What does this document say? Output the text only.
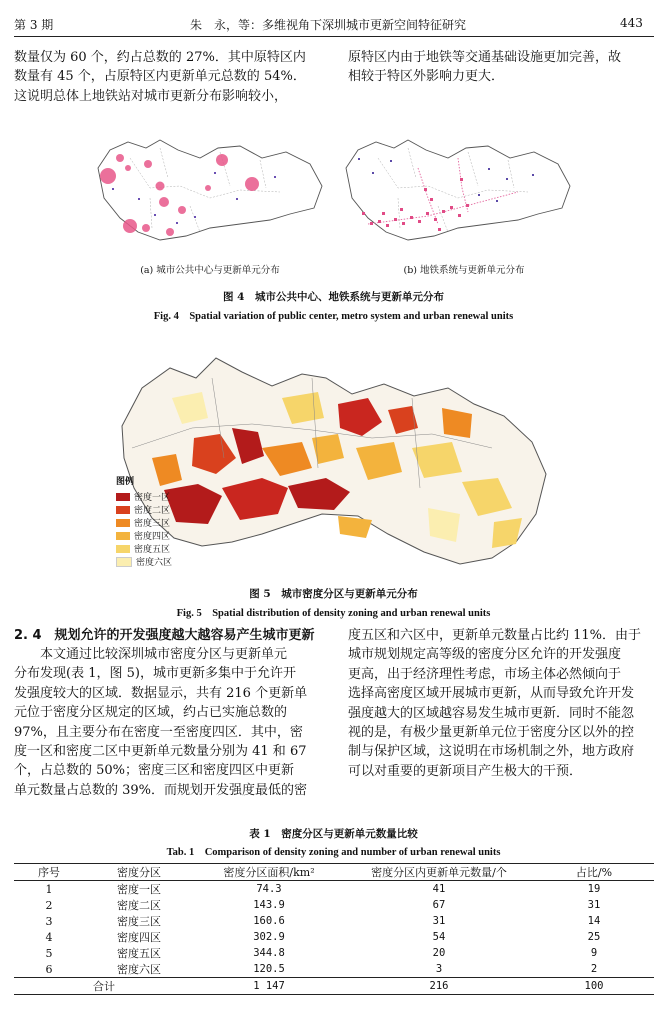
第 3 期	朱　永，等：多维视角下深圳城市更新空间特征研究	443
数量仅为 60 个，约占总数的 27%．其中原特区内
数量有 45 个，占原特区内更新单元总数的 54%．
这说明总体上地铁站对城市更新分布影响较小，
原特区内由于地铁等交通基础设施更加完善，故
相较于特区外影响力更大．
(a) 城市公共中心与更新单元分布	(b) 地铁系统与更新单元分布
图 4　城市公共中心、地铁系统与更新单元分布
Fig. 4　Spatial variation of public center, metro system and urban renewal units
图例
密度一区
密度二区
密度三区
密度四区
密度五区
密度六区
图 5　城市密度分区与更新单元分布
Fig. 5　Spatial distribution of density zoning and urban renewal units
2. 4　规划允许的开发强度越大越容易产生城市更新
　　本文通过比较深圳城市密度分区与更新单元
分布发现(表 1，图 5)，城市更新多集中于允许开
发强度较大的区域．数据显示，共有 216 个更新单
元位于密度分区规定的区域，约占已实施总数的
97%，且主要分布在密度一至密度四区．其中，密
度一区和密度二区中更新单元数量分别为 41 和 67
个，占总数的 50%；密度三区和密度四区中更新
单元数量占总数的 39%．而规划开发强度最低的密
度五区和六区中，更新单元数量占比约 11%．由于
城市规划规定高等级的密度分区允许的开发强度
更高，出于经济理性考虑，市场主体必然倾向于
选择高密度区域开展城市更新，从而导致允许开发
强度越大的区域越容易发生城市更新．同时不能忽
视的是，有极少量更新单元位于密度分区以外的控
制与保护区域，这说明在市场机制之外，地方政府
可以对重要的更新项目产生极大的干预．
表 1　密度分区与更新单元数量比较
Tab. 1　Comparison of density zoning and number of urban renewal units
序号	密度分区	密度分区面积/km²	密度分区内更新单元数量/个	占比/%
1	密度一区	74.3	41	19
2	密度二区	143.9	67	31
3	密度三区	160.6	31	14
4	密度四区	302.9	54	25
5	密度五区	344.8	20	9
6	密度六区	120.5	3	2
合计		1 147	216	100
